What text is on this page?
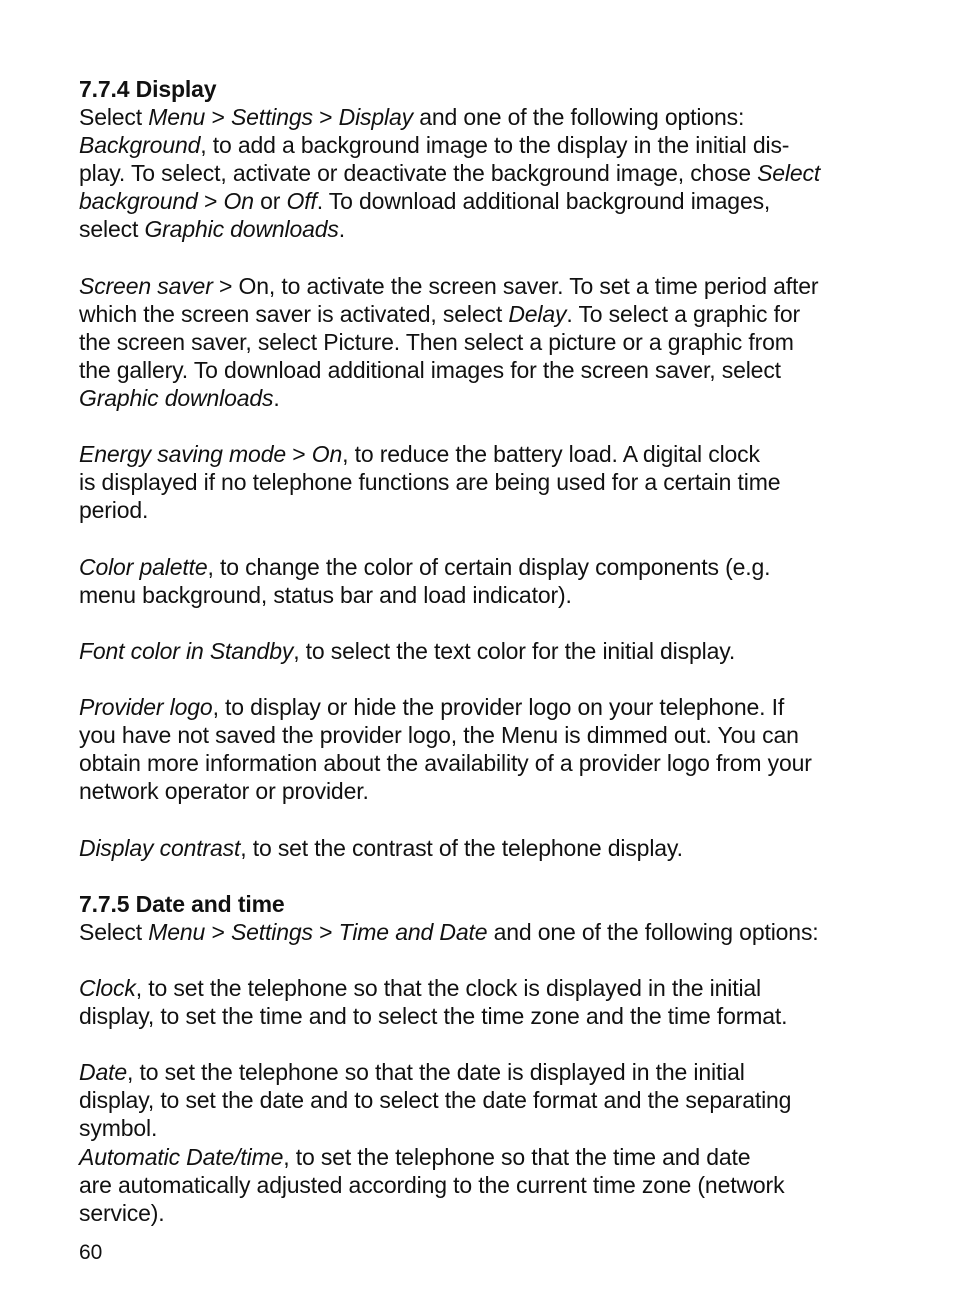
7.7.4 Display

Select Menu > Settings > Display and one of the following options:

Background, to add a background image to the display in the initial dis-
play. To select, activate or deactivate the background image, chose Select
background > On or Off. To download additional background images,
select Graphic downloads.

Screen saver > On, to activate the screen saver. To set a time period after
which the screen saver is activated, select Delay. To select a graphic for
the screen saver, select Picture. Then select a picture or a graphic from
the gallery. To download additional images for the screen saver, select
Graphic downloads.

Energy saving mode > On, to reduce the battery load. A digital clock
is displayed if no telephone functions are being used for a certain time
period.

Color palette, to change the color of certain display components (e.g.
menu background, status bar and load indicator).

Font color in Standby, to select the text color for the initial display.

Provider logo, to display or hide the provider logo on your telephone. If
you have not saved the provider logo, the Menu is dimmed out. You can
obtain more information about the availability of a provider logo from your
network operator or provider.

Display contrast, to set the contrast of the telephone display.

7.7.5 Date and time

Select Menu > Settings > Time and Date and one of the following options:

Clock, to set the telephone so that the clock is displayed in the initial
display, to set the time and to select the time zone and the time format.

Date, to set the telephone so that the date is displayed in the initial
display, to set the date and to select the date format and the separating
symbol.

Automatic Date/time, to set the telephone so that the time and date
are automatically adjusted according to the current time zone (network
service).

60
